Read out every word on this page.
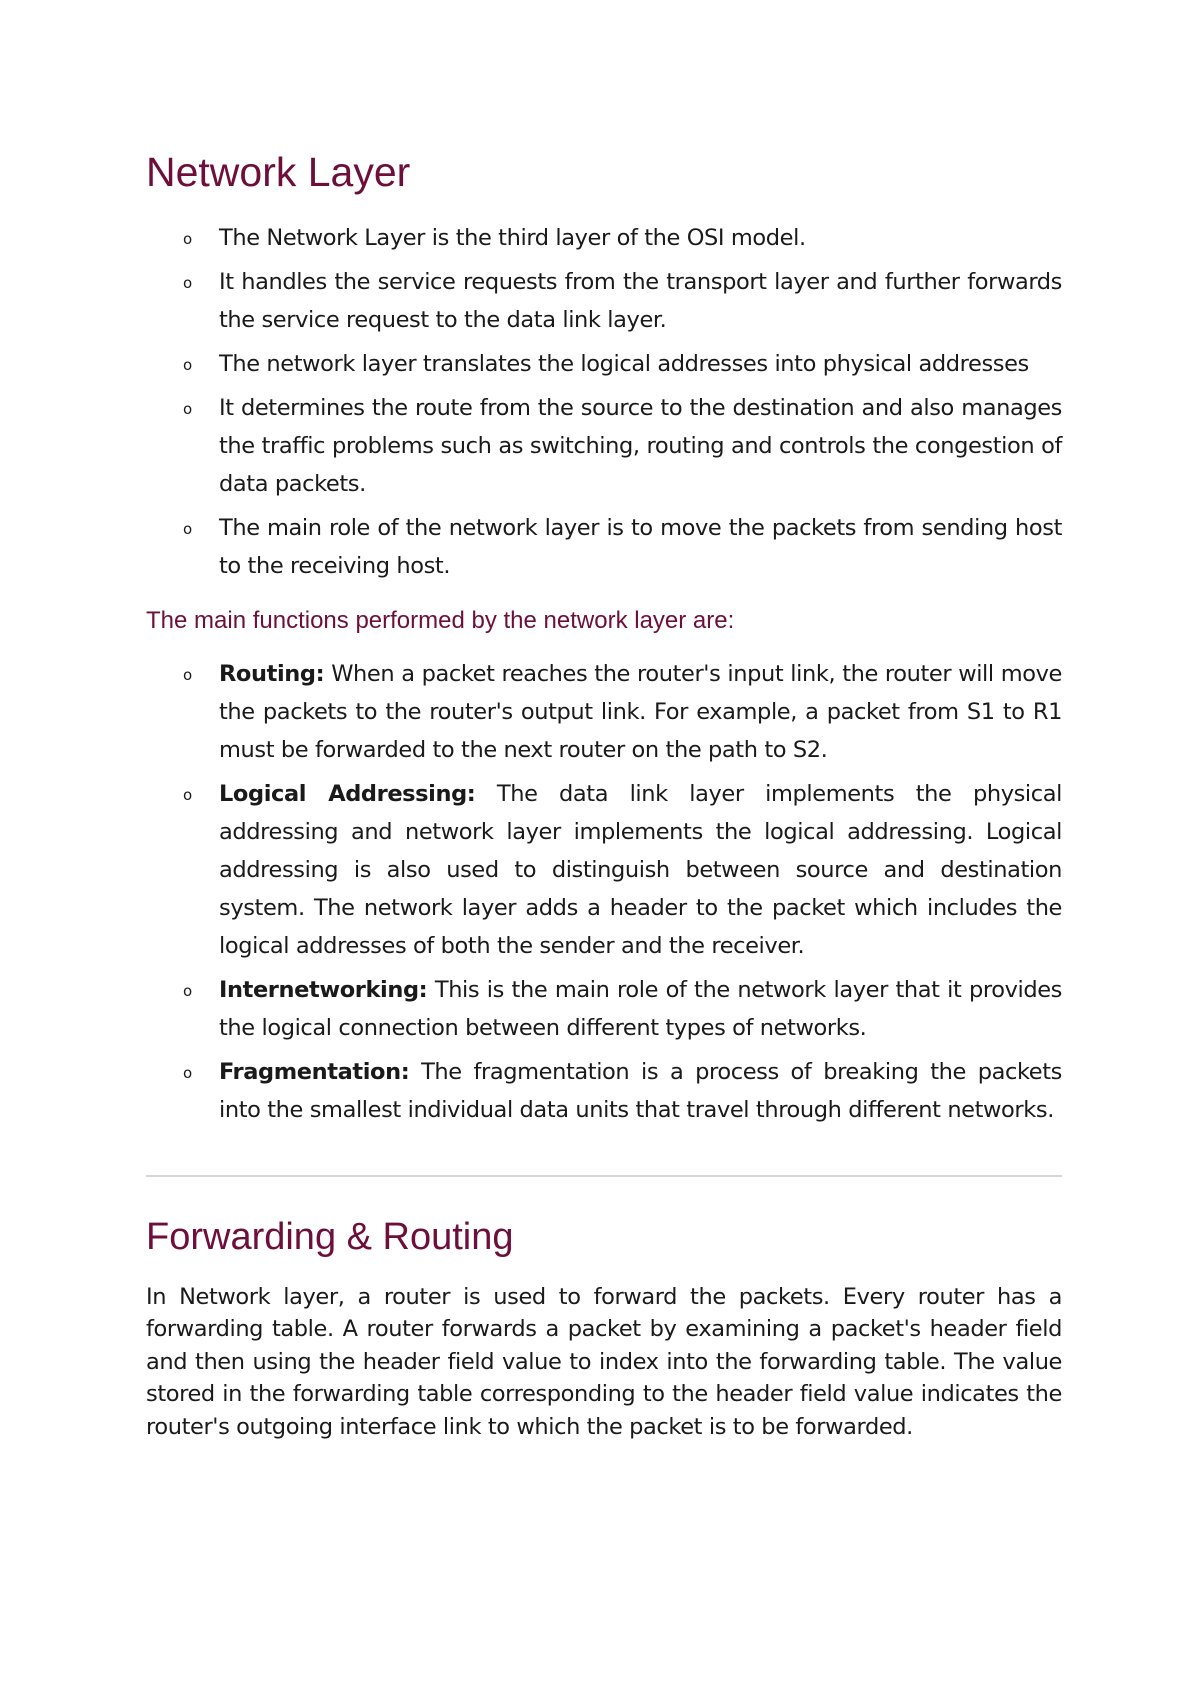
Network Layer
o The Network Layer is the third layer of the OSI model.
o It handles the service requests from the transport layer and further forwards the service request to the data link layer.
o The network layer translates the logical addresses into physical addresses
o It determines the route from the source to the destination and also manages the traffic problems such as switching, routing and controls the congestion of data packets.
o The main role of the network layer is to move the packets from sending host to the receiving host.
The main functions performed by the network layer are:
o Routing: When a packet reaches the router's input link, the router will move the packets to the router's output link. For example, a packet from S1 to R1 must be forwarded to the next router on the path to S2.
o Logical Addressing: The data link layer implements the physical addressing and network layer implements the logical addressing. Logical addressing is also used to distinguish between source and destination system. The network layer adds a header to the packet which includes the logical addresses of both the sender and the receiver.
o Internetworking: This is the main role of the network layer that it provides the logical connection between different types of networks.
o Fragmentation: The fragmentation is a process of breaking the packets into the smallest individual data units that travel through different networks.
Forwarding & Routing

In Network layer, a router is used to forward the packets. Every router has a forwarding table. A router forwards a packet by examining a packet's header field and then using the header field value to index into the forwarding table. The value stored in the forwarding table corresponding to the header field value indicates the router's outgoing interface link to which the packet is to be forwarded.
